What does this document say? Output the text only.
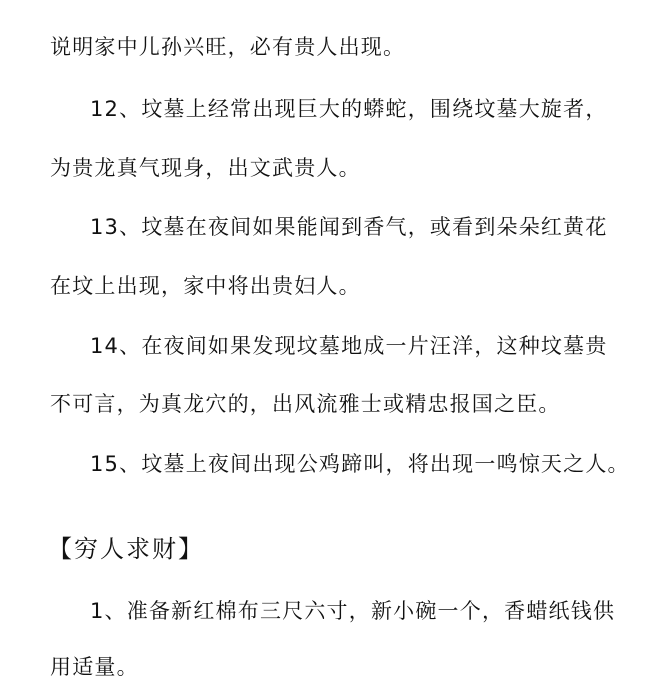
说明家中儿孙兴旺，必有贵人出现。
12、坟墓上经常出现巨大的蟒蛇，围绕坟墓大旋者，
为贵龙真气现身，出文武贵人。
13、坟墓在夜间如果能闻到香气，或看到朵朵红黄花
在坟上出现，家中将出贵妇人。
14、在夜间如果发现坟墓地成一片汪洋，这种坟墓贵
不可言，为真龙穴的，出风流雅士或精忠报国之臣。
15、坟墓上夜间出现公鸡蹄叫，将出现一鸣惊天之人。
【穷人求财】
1、准备新红棉布三尺六寸，新小碗一个，香蜡纸钱供
用适量。
